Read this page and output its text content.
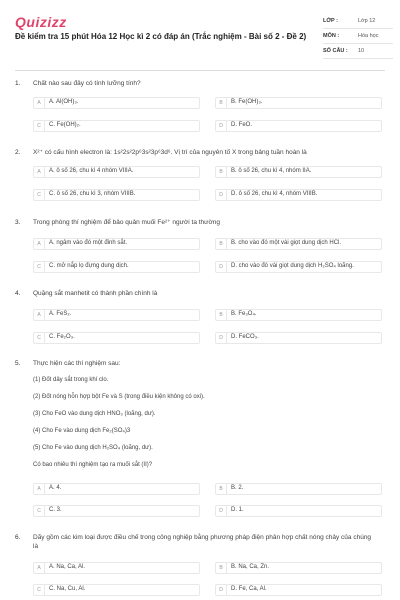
Quizizz
Đề kiểm tra 15 phút Hóa 12 Học kì 2 có đáp án (Trắc nghiệm - Bài số 2 - Đề 2)
LỚP :	Lớp 12
MÔN :	Hóa học
SỐ CÂU :	10
1. Chất nào sau đây có tính lưỡng tính?
A	A. Al(OH)₃.	B	B. Fe(OH)₃.
C	C. Fe(OH)₂.	D	D. FeO.
2. X²⁺ có cấu hình electron là: 1s²2s²2p⁶3s²3p⁶3d⁶. Vị trí của nguyên tố X trong bảng tuần hoàn là
A	A. ô số 26, chu kì 4 nhóm VIIIA.	B	B. ô số 26, chu kì 4, nhóm IIA.
C	C. ô số 26, chu kì 3, nhóm VIIIB.	D	D. ô số 26, chu kì 4, nhóm VIIIB.
3. Trong phòng thí nghiệm để bảo quản muối Fe²⁺ người ta thường
A	A. ngâm vào đó một đinh sắt.	B	B. cho vào đó một vài giọt dung dịch HCl.
C	C. mở nắp lọ đựng dung dịch.	D	D. cho vào đó vài giọt dung dịch H₂SO₄ loãng.
4. Quặng sắt manhetit có thành phần chính là
A	A. FeS₂.	B	B. Fe₃O₄.
C	C. Fe₂O₃.	D	D. FeCO₃.
5. Thực hiện các thí nghiệm sau:
(1) Đốt dây sắt trong khí clo.
(2) Đốt nóng hỗn hợp bột Fe và S (trong điều kiện không có oxi).
(3) Cho FeO vào dung dịch HNO₃ (loãng, dư).
(4) Cho Fe vào dung dịch Fe₂(SO₄)3
(5) Cho Fe vào dung dịch H₂SO₄ (loãng, dư).
Có bao nhiêu thí nghiệm tạo ra muối sắt (II)?
A	A. 4.	B	B. 2.
C	C. 3.	D	D. 1.
6. Dãy gồm các kim loại được điều chế trong công nghiệp bằng phương pháp điện phân hợp chất nóng chảy của chúng là
A	A. Na, Ca, Al.	B	B. Na, Ca, Zn.
C	C. Na, Cu, Al.	D	D. Fe, Ca, Al.
